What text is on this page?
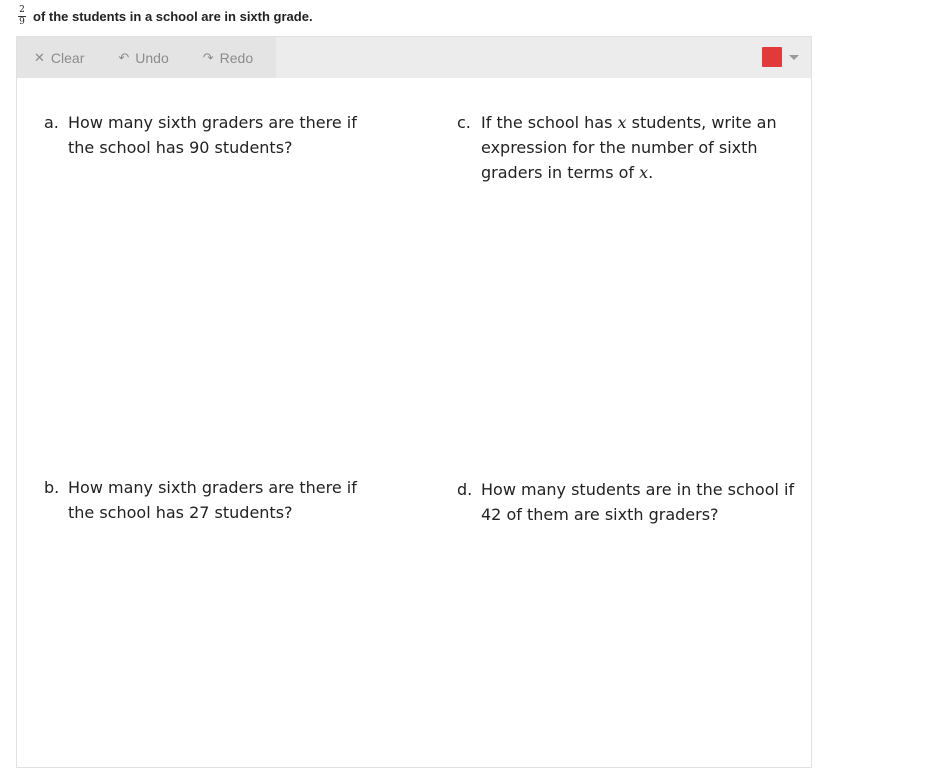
$\frac{2}{9}$ of the students in a school are in sixth grade.
✕ Clear	↶ Undo	↷ Redo
a. How many sixth graders are there if the school has 90 students?
c. If the school has x students, write an expression for the number of sixth graders in terms of x.
b. How many sixth graders are there if the school has 27 students?
d. How many students are in the school if 42 of them are sixth graders?
